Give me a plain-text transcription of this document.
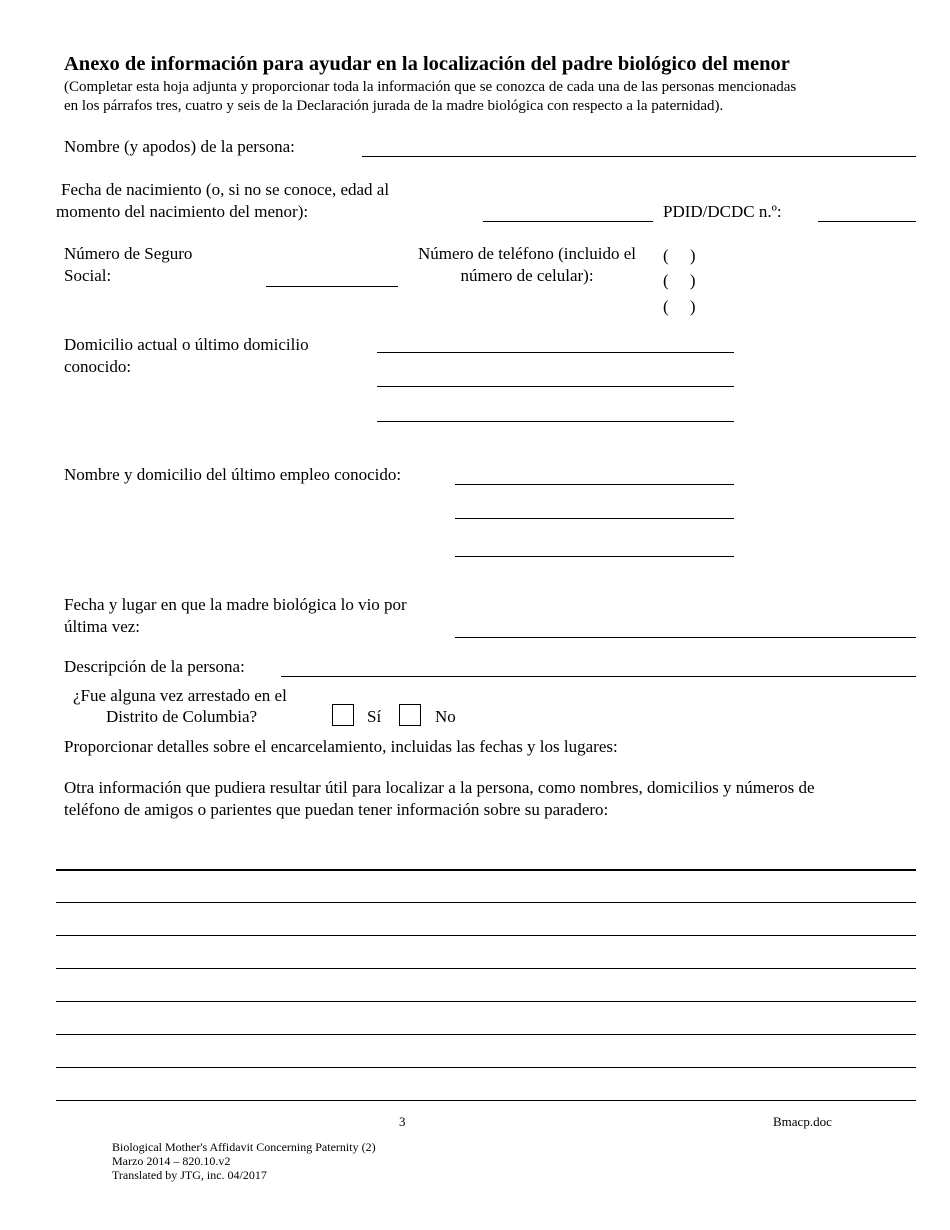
Anexo de información para ayudar en la localización del padre biológico del menor
(Completar esta hoja adjunta y proporcionar toda la información que se conozca de cada una de las personas mencionadas
en los párrafos tres, cuatro y seis de la Declaración jurada de la madre biológica con respecto a la paternidad).
Nombre (y apodos) de la persona:
Fecha de nacimiento (o, si no se conoce, edad al
momento del nacimiento del menor):	PDID/DCDC n.º:
Número de Seguro
Social:
Número de teléfono (incluido el
número de celular):
(     )
(     )
(     )
Domicilio actual o último domicilio
conocido:
Nombre y domicilio del último empleo conocido:
Fecha y lugar en que la madre biológica lo vio por
última vez:
Descripción de la persona:
¿Fue alguna vez arrestado en el
Distrito de Columbia?	Sí	No
Proporcionar detalles sobre el encarcelamiento, incluidas las fechas y los lugares:
Otra información que pudiera resultar útil para localizar a la persona, como nombres, domicilios y números de
teléfono de amigos o parientes que puedan tener información sobre su paradero:
3	Bmacp.doc
Biological Mother's Affidavit Concerning Paternity (2)
Marzo 2014 – 820.10.v2
Translated by JTG, inc. 04/2017
